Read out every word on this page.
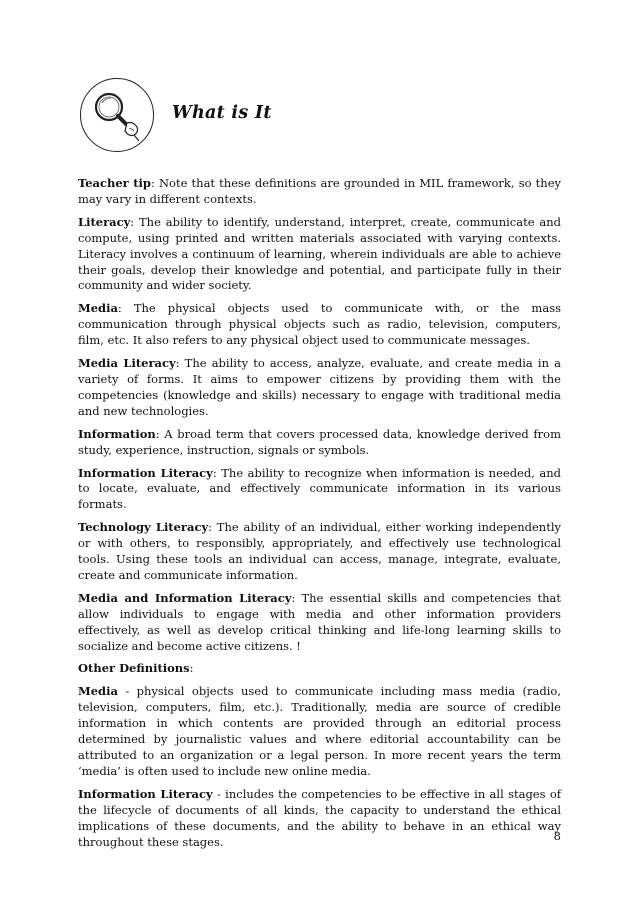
What is It

Teacher tip: Note that these definitions are grounded in MIL framework, so they may vary in different contexts.

Literacy: The ability to identify, understand, interpret, create, communicate and compute, using printed and written materials associated with varying contexts. Literacy involves a continuum of learning, wherein individuals are able to achieve their goals, develop their knowledge and potential, and participate fully in their community and wider society.

Media: The physical objects used to communicate with, or the mass communication through physical objects such as radio, television, computers, film, etc. It also refers to any physical object used to communicate messages.

Media Literacy: The ability to access, analyze, evaluate, and create media in a variety of forms. It aims to empower citizens by providing them with the competencies (knowledge and skills) necessary to engage with traditional media and new technologies.

Information: A broad term that covers processed data, knowledge derived from study, experience, instruction, signals or symbols.

Information Literacy: The ability to recognize when information is needed, and to locate, evaluate, and effectively communicate information in its various formats.

Technology Literacy: The ability of an individual, either working independently or with others, to responsibly, appropriately, and effectively use technological tools. Using these tools an individual can access, manage, integrate, evaluate, create and communicate information.

Media and Information Literacy: The essential skills and competencies that allow individuals to engage with media and other information providers effectively, as well as develop critical thinking and life-long learning skills to socialize and become active citizens. !

Other Definitions:

Media - physical objects used to communicate including mass media (radio, television, computers, film, etc.). Traditionally, media are source of credible information in which contents are provided through an editorial process determined by journalistic values and where editorial accountability can be attributed to an organization or a legal person. In more recent years the term ‘media’ is often used to include new online media.

Information Literacy - includes the competencies to be effective in all stages of the lifecycle of documents of all kinds, the capacity to understand the ethical implications of these documents, and the ability to behave in an ethical way throughout these stages.	8
